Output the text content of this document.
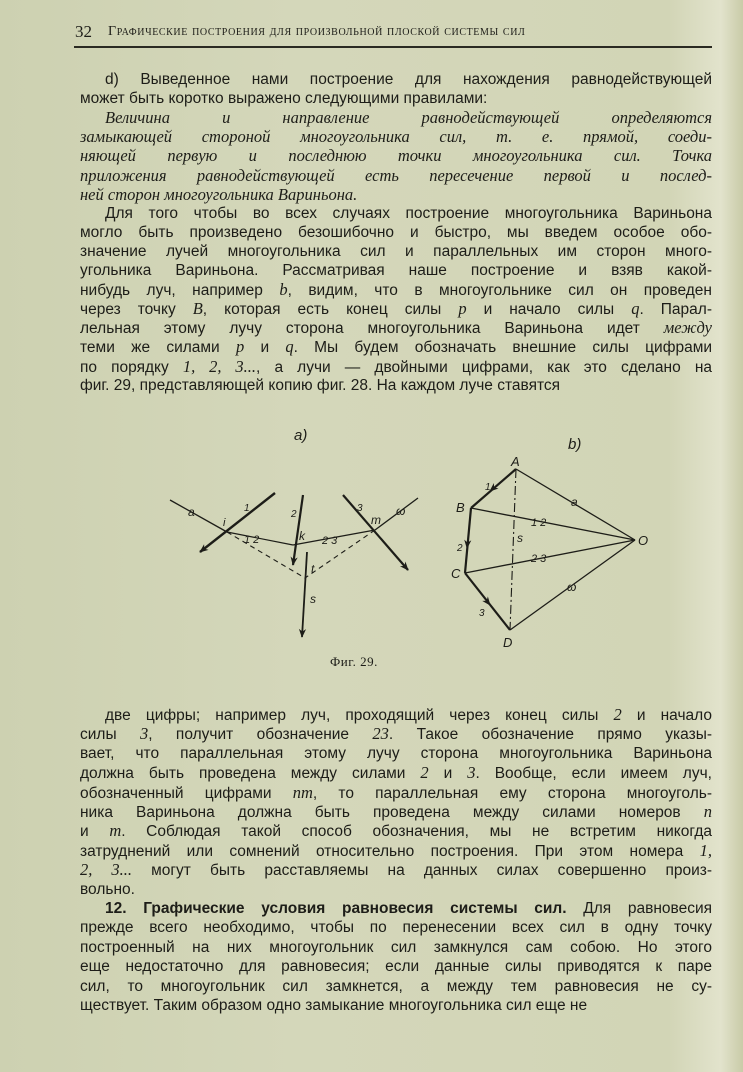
32 Графические построения для произвольной плоской системы сил
d) Выведенное нами построение для нахождения равнодействующей
может быть коротко выражено следующими правилами:
Величина и направление равнодействующей определяются
замыкающей стороной многоугольника сил, т. е. прямой, соеди-
няющей первую и последнюю точки многоугольника сил. Точка
приложения равнодействующей есть пересечение первой и послед-
ней сторон многоугольника Вариньона.
Для того чтобы во всех случаях построение многоугольника Вариньона
могло быть произведено безошибочно и быстро, мы введем особое обо-
значение лучей многоугольника сил и параллельных им сторон много-
угольника Вариньона. Рассматривая наше построение и взяв какой-
нибудь луч, например b, видим, что в многоугольнике сил он проведен
через точку B, которая есть конец силы p и начало силы q. Парал-
лельная этому лучу сторона многоугольника Вариньона идет между
теми же силами p и q. Мы будем обозначать внешние силы цифрами
по порядку 1, 2, 3..., а лучи — двойными цифрами, как это сделано на
фиг. 29, представляющей копию фиг. 28. На каждом луче ставятся
две цифры; например луч, проходящий через конец силы 2 и начало
силы 3, получит обозначение 23. Такое обозначение прямо указы-
вает, что параллельная этому лучу сторона многоугольника Вариньона
должна быть проведена между силами 2 и 3. Вообще, если имеем луч,
обозначенный цифрами nm, то параллельная ему сторона многоуголь-
ника Вариньона должна быть проведена между силами номеров n
и m. Соблюдая такой способ обозначения, мы не встретим никогда
затруднений или сомнений относительно построения. При этом номера 1,
2, 3... могут быть расставляемы на данных силах совершенно произ-
вольно.
12. Графические условия равновесия системы сил. Для равновесия
прежде всего необходимо, чтобы по перенесении всех сил в одну точку
построенный на них многоугольник сил замкнулся сам собою. Но этого
еще недостаточно для равновесия; если данные силы приводятся к паре
сил, то многоугольник сил замкнется, а между тем равновесия не су-
ществует. Таким образом одно замыкание многоугольника сил еще не
a)
a	1
i
2
k
1 2	2 3
3
m
ω
t
s
b)
A
B
C
D
O
1
2
3
a
1 2
2 3
ω
s
Фиг. 29.
